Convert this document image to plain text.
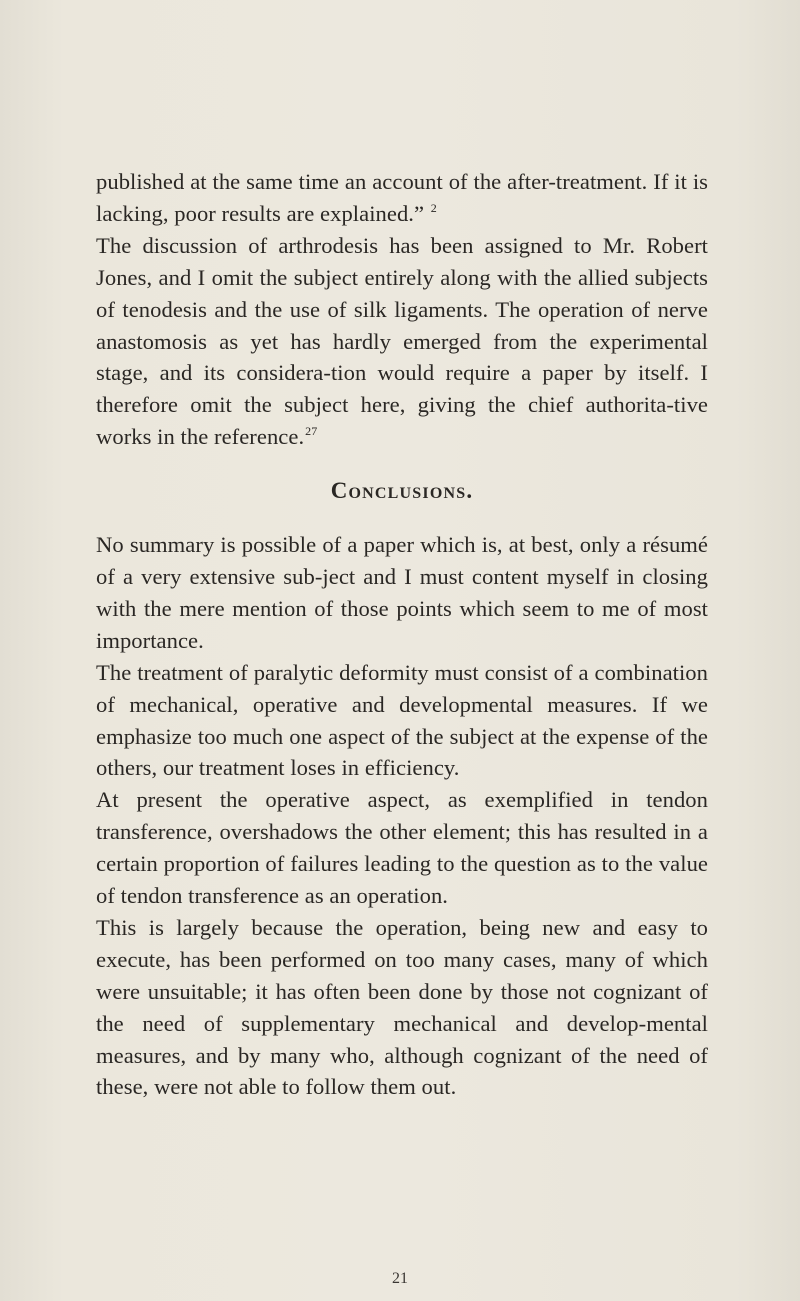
published at the same time an account of the after-treatment. If it is lacking, poor results are explained.” $^2$

The discussion of arthrodesis has been assigned to Mr. Robert Jones, and I omit the subject entirely along with the allied subjects of tenodesis and the use of silk ligaments. The operation of nerve anastomosis as yet has hardly emerged from the experimental stage, and its considera-tion would require a paper by itself. I therefore omit the subject here, giving the chief authorita-tive works in the reference.$^{27}$

Conclusions.

No summary is possible of a paper which is, at best, only a résumé of a very extensive sub-ject and I must content myself in closing with the mere mention of those points which seem to me of most importance.

The treatment of paralytic deformity must consist of a combination of mechanical, operative and developmental measures. If we emphasize too much one aspect of the subject at the expense of the others, our treatment loses in efficiency.

At present the operative aspect, as exemplified in tendon transference, overshadows the other element; this has resulted in a certain proportion of failures leading to the question as to the value of tendon transference as an operation.

This is largely because the operation, being new and easy to execute, has been performed on too many cases, many of which were unsuitable; it has often been done by those not cognizant of the need of supplementary mechanical and develop-mental measures, and by many who, although cognizant of the need of these, were not able to follow them out.

21
